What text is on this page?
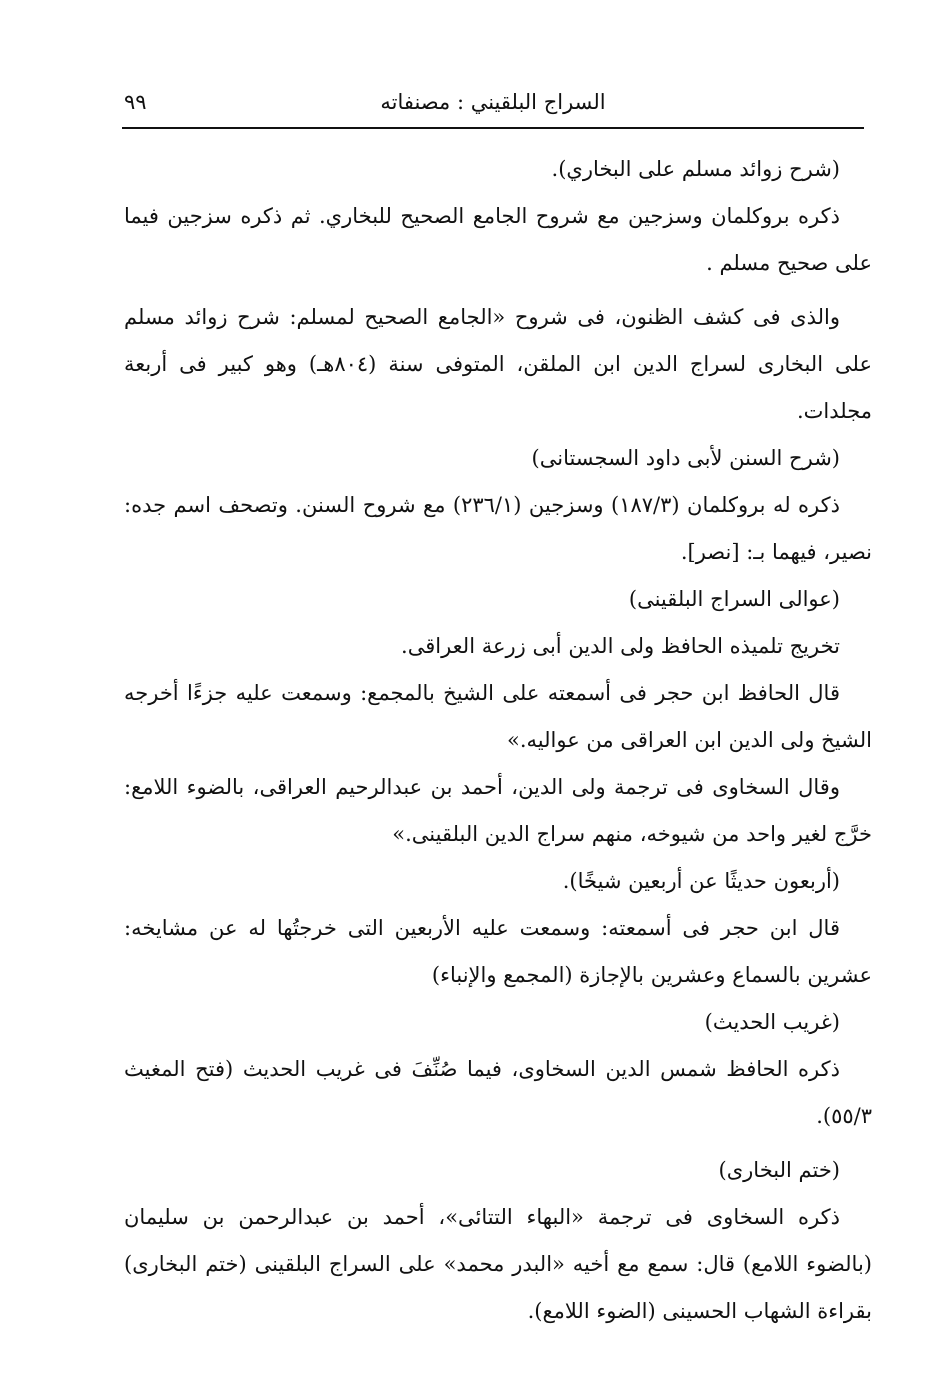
السراج البلقيني : مصنفاته
٩٩

(شرح زوائد مسلم على البخاري).

ذكره بروكلمان وسزجين مع شروح الجامع الصحيح للبخاري. ثم ذكره سزجين فيما على صحيح مسلم .

والذى فى كشف الظنون، فى شروح «الجامع الصحيح لمسلم: شرح زوائد مسلم على البخارى لسراج الدين ابن الملقن، المتوفى سنة (٨٠٤هـ) وهو كبير فى أربعة مجلدات.

(شرح السنن لأبى داود السجستانى)

ذكره له بروكلمان (١٨٧/٣) وسزجين (٢٣٦/١) مع شروح السنن. وتصحف اسم جده: نصير، فيهما بـ: [نصر].

(عوالى السراج البلقينى)

تخريج تلميذه الحافظ ولى الدين أبى زرعة العراقى.

قال الحافظ ابن حجر فى أسمعته على الشيخ بالمجمع: وسمعت عليه جزءًا أخرجه الشيخ ولى الدين ابن العراقى من عواليه.»

وقال السخاوى فى ترجمة ولى الدين، أحمد بن عبدالرحيم العراقى، بالضوء اللامع: خرَّج لغير واحد من شيوخه، منهم سراج الدين البلقينى.»

(أربعون حديثًا عن أربعين شيخًا).

قال ابن حجر فى أسمعته: وسمعت عليه الأربعين التى خرجتُها له عن مشايخه: عشرين بالسماع وعشرين بالإجازة (المجمع والإنباء)

(غريب الحديث)

ذكره الحافظ شمس الدين السخاوى، فيما صُنِّفَ فى غريب الحديث (فتح المغيث ٥٥/٣).

(ختم البخارى)

ذكره السخاوى فى ترجمة «البهاء التتائى»، أحمد بن عبدالرحمن بن سليمان (بالضوء اللامع) قال: سمع مع أخيه «البدر محمد» على السراج البلقينى (ختم البخارى) بقراءة الشهاب الحسينى (الضوء اللامع).
